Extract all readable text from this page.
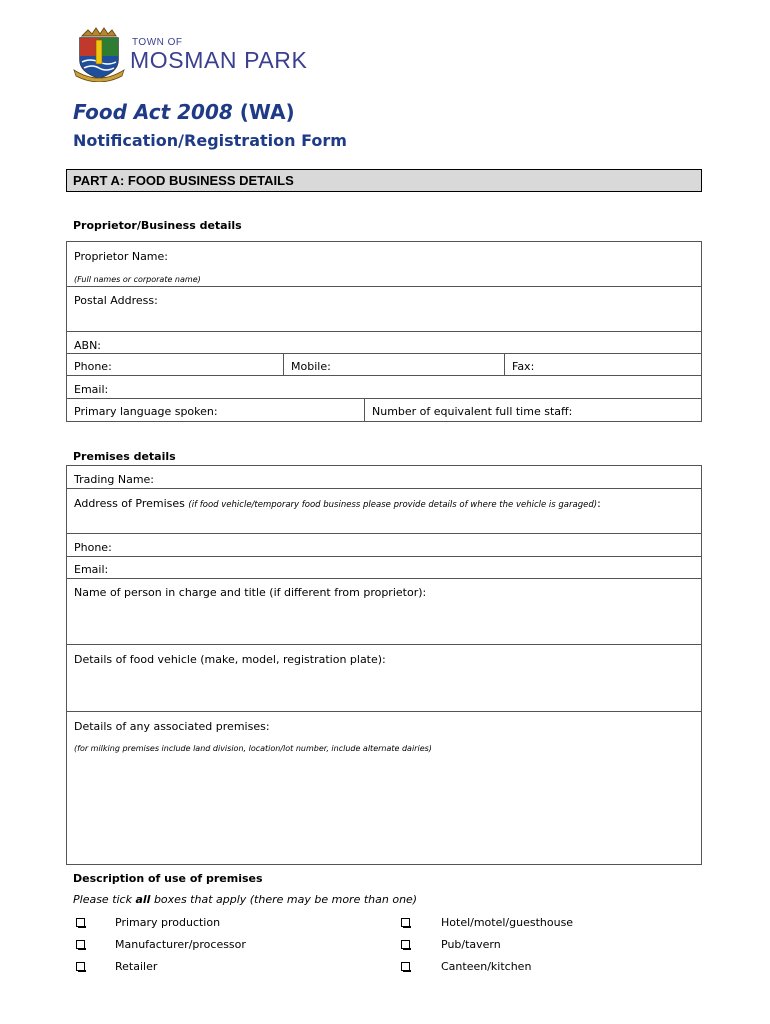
TOWN OF
MOSMAN PARK
Food Act 2008 (WA)
Notification/Registration Form
PART A: FOOD BUSINESS DETAILS
Proprietor/Business details
Proprietor Name:
(Full names or corporate name)
Postal Address:
ABN:
Phone:	Mobile:	Fax:
Email:
Primary language spoken:	Number of equivalent full time staff:
Premises details
Trading Name:
Address of Premises (if food vehicle/temporary food business please provide details of where the vehicle is garaged):
Phone:
Email:
Name of person in charge and title (if different from proprietor):
Details of food vehicle (make, model, registration plate):
Details of any associated premises:
(for milking premises include land division, location/lot number, include alternate dairies)
Description of use of premises
Please tick all boxes that apply (there may be more than one)
Primary production
Manufacturer/processor
Retailer
Hotel/motel/guesthouse
Pub/tavern
Canteen/kitchen
